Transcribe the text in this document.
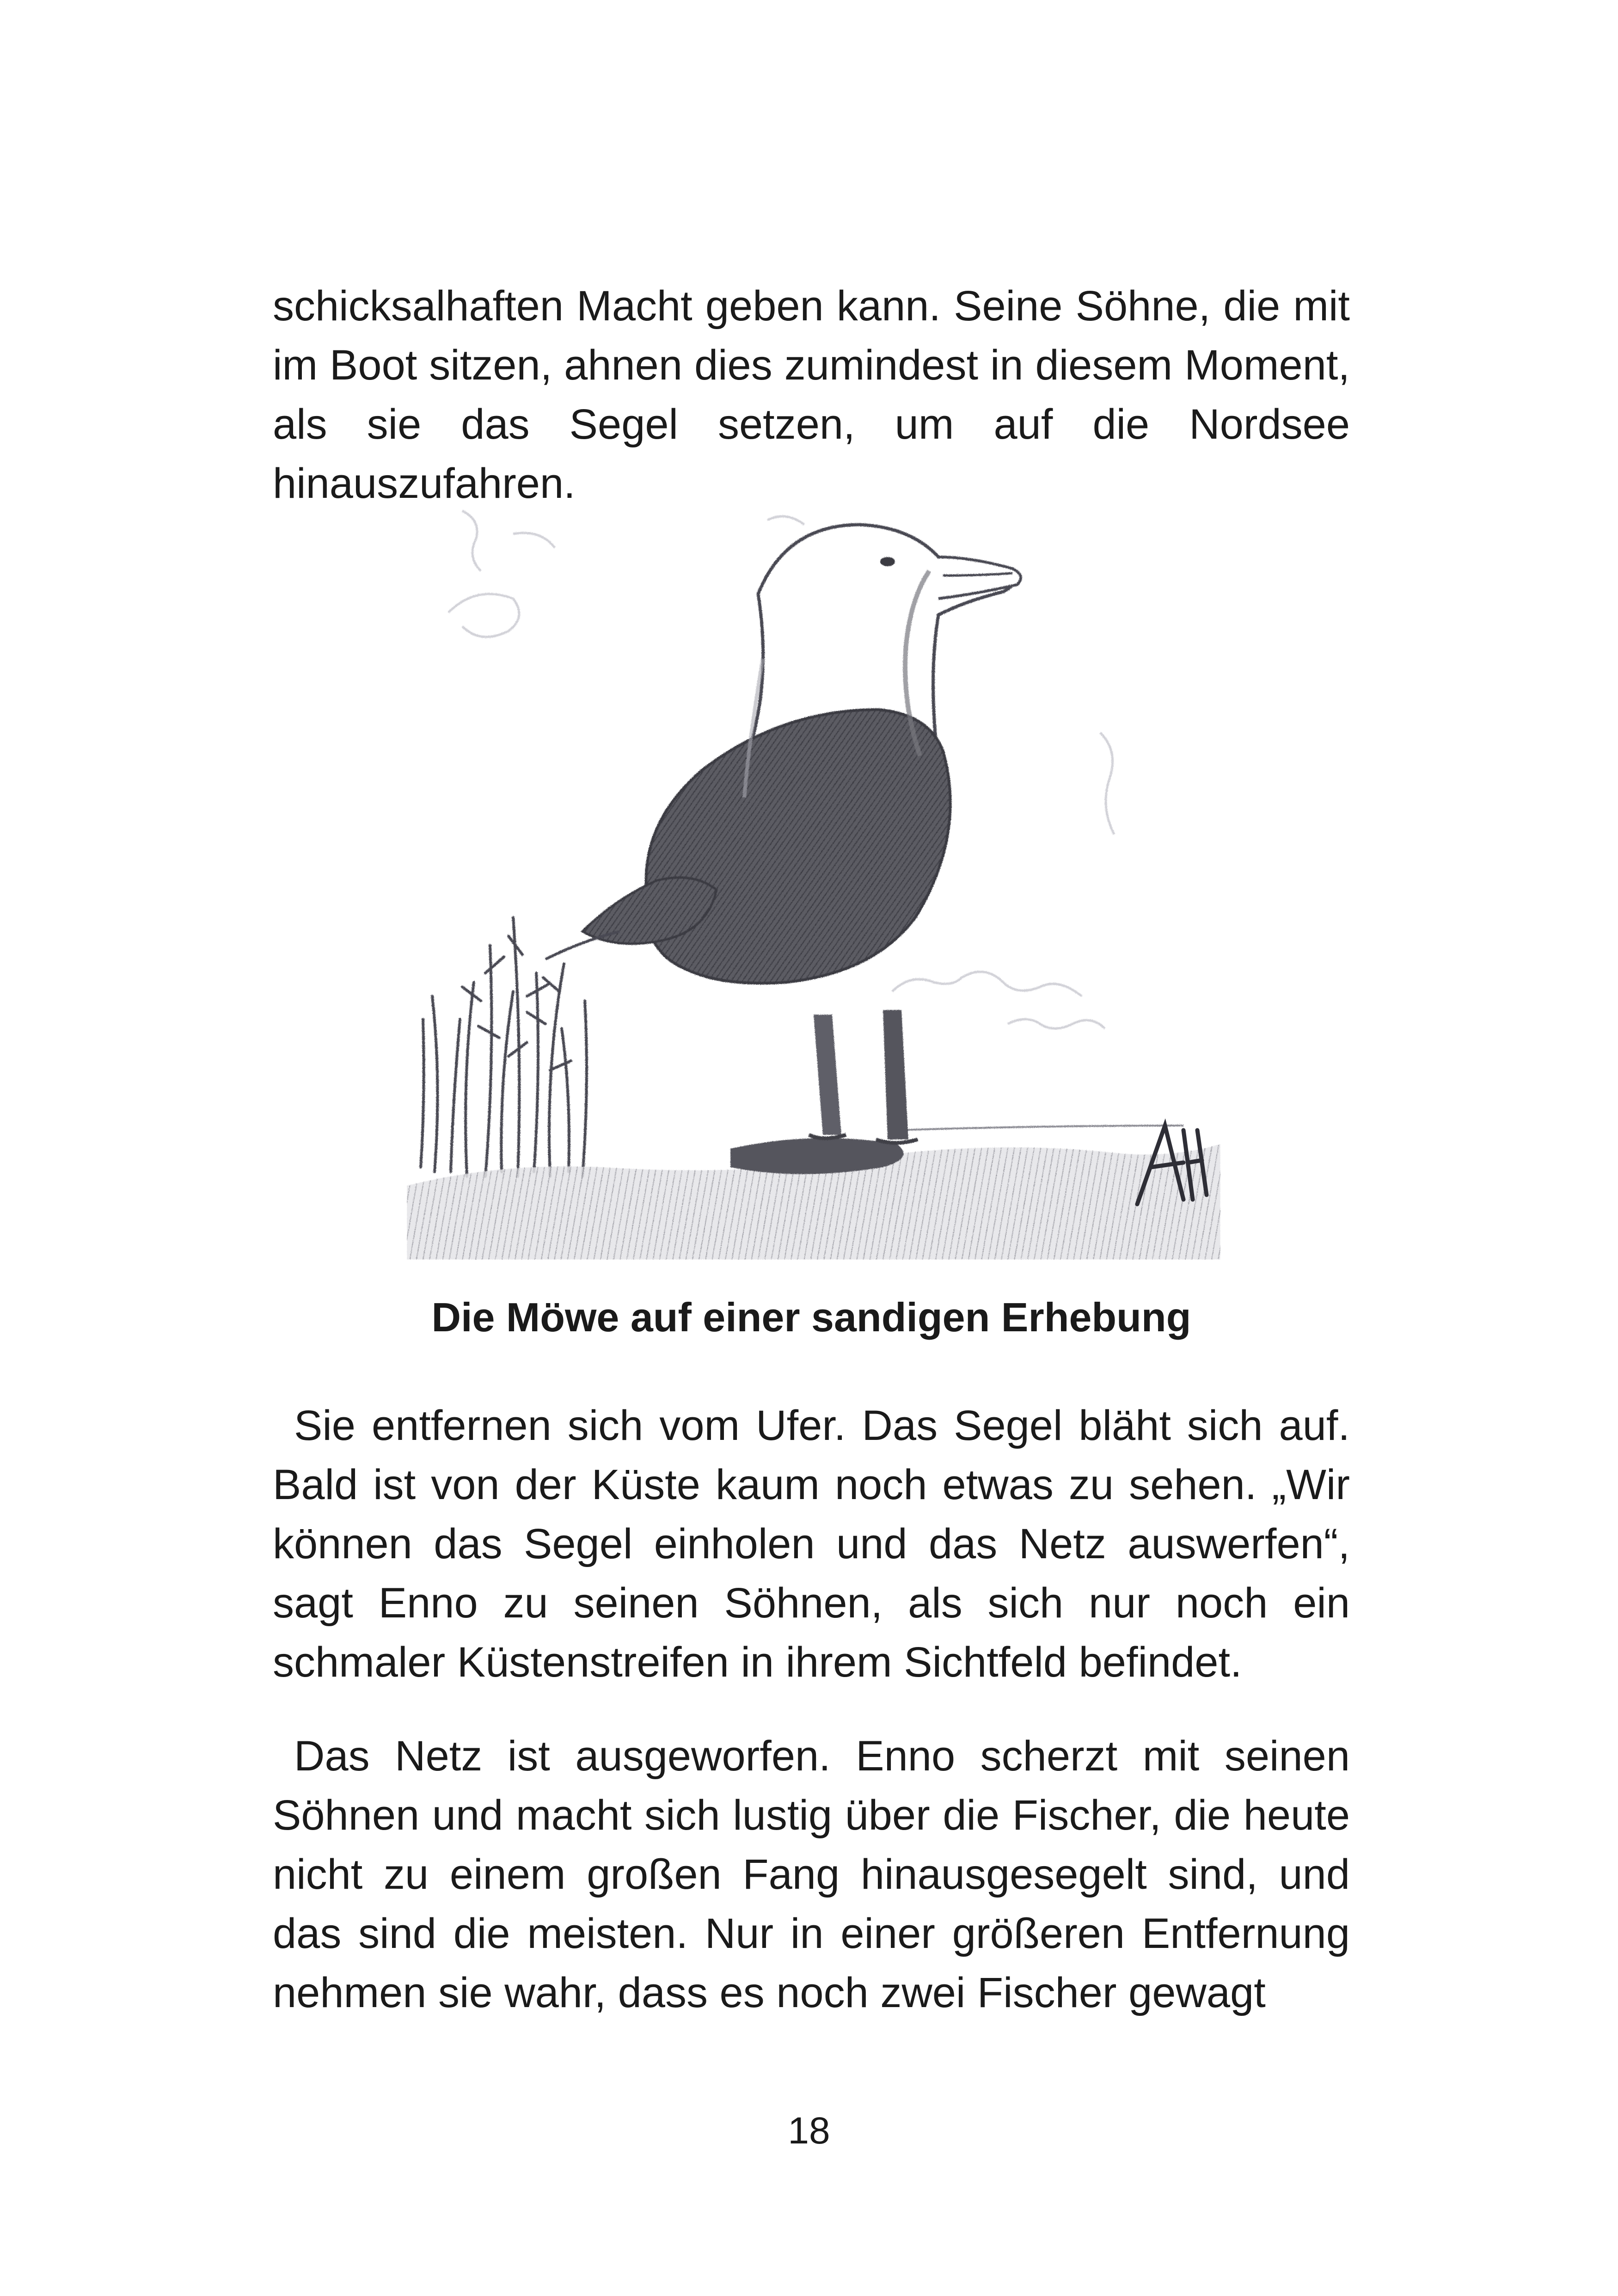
schicksalhaften Macht geben kann. Seine Söhne, die mit im Boot sitzen, ahnen dies zumindest in diesem Moment, als sie das Segel setzen, um auf die Nordsee hinauszufahren.

Die Möwe auf einer sandigen Erhebung

Sie entfernen sich vom Ufer. Das Segel bläht sich auf. Bald ist von der Küste kaum noch etwas zu sehen. „Wir können das Segel einholen und das Netz auswerfen“, sagt Enno zu seinen Söhnen, als sich nur noch ein schmaler Küstenstreifen in ihrem Sichtfeld befindet.

Das Netz ist ausgeworfen. Enno scherzt mit seinen Söhnen und macht sich lustig über die Fischer, die heute nicht zu einem großen Fang hinausgesegelt sind, und das sind die meisten. Nur in einer größeren Entfernung nehmen sie wahr, dass es noch zwei Fischer gewagt

18
